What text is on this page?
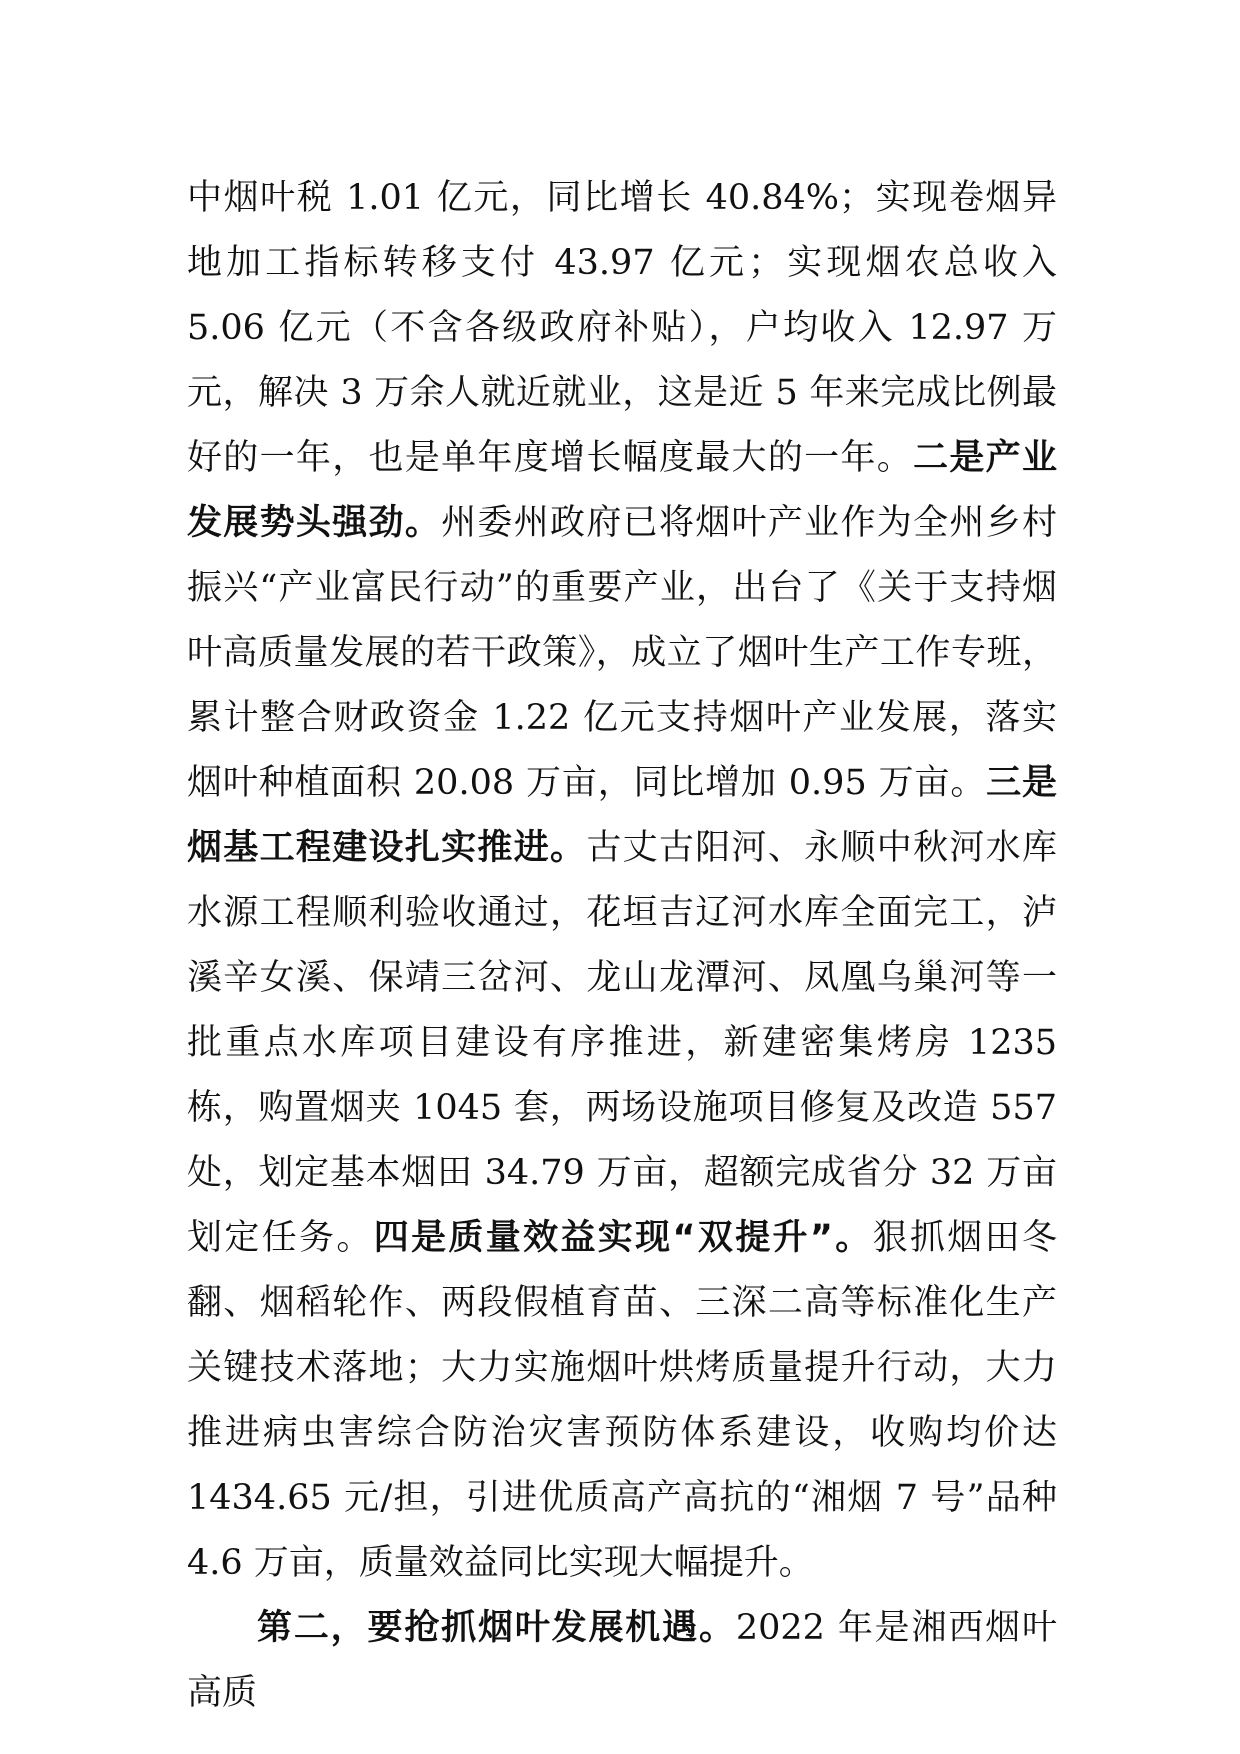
中烟叶税 1.01 亿元，同比增长 40.84%；实现卷烟异地加工指标转移支付 43.97 亿元；实现烟农总收入 5.06 亿元（不含各级政府补贴），户均收入 12.97 万元，解决 3 万余人就近就业，这是近 5 年来完成比例最好的一年，也是单年度增长幅度最大的一年。二是产业发展势头强劲。州委州政府已将烟叶产业作为全州乡村振兴“产业富民行动”的重要产业，出台了《关于支持烟叶高质量发展的若干政策》，成立了烟叶生产工作专班，累计整合财政资金 1.22 亿元支持烟叶产业发展，落实烟叶种植面积 20.08 万亩，同比增加 0.95 万亩。三是烟基工程建设扎实推进。古丈古阳河、永顺中秋河水库水源工程顺利验收通过，花垣吉辽河水库全面完工，泸溪辛女溪、保靖三岔河、龙山龙潭河、凤凰乌巢河等一批重点水库项目建设有序推进，新建密集烤房 1235 栋，购置烟夹 1045 套，两场设施项目修复及改造 557 处，划定基本烟田 34.79 万亩，超额完成省分 32 万亩划定任务。四是质量效益实现“双提升”。狠抓烟田冬翻、烟稻轮作、两段假植育苗、三深二高等标准化生产关键技术落地；大力实施烟叶烘烤质量提升行动，大力推进病虫害综合防治灾害预防体系建设，收购均价达 1434.65 元/担，引进优质高产高抗的“湘烟 7 号”品种 4.6 万亩，质量效益同比实现大幅提升。

第二，要抢抓烟叶发展机遇。2022 年是湘西烟叶高质
